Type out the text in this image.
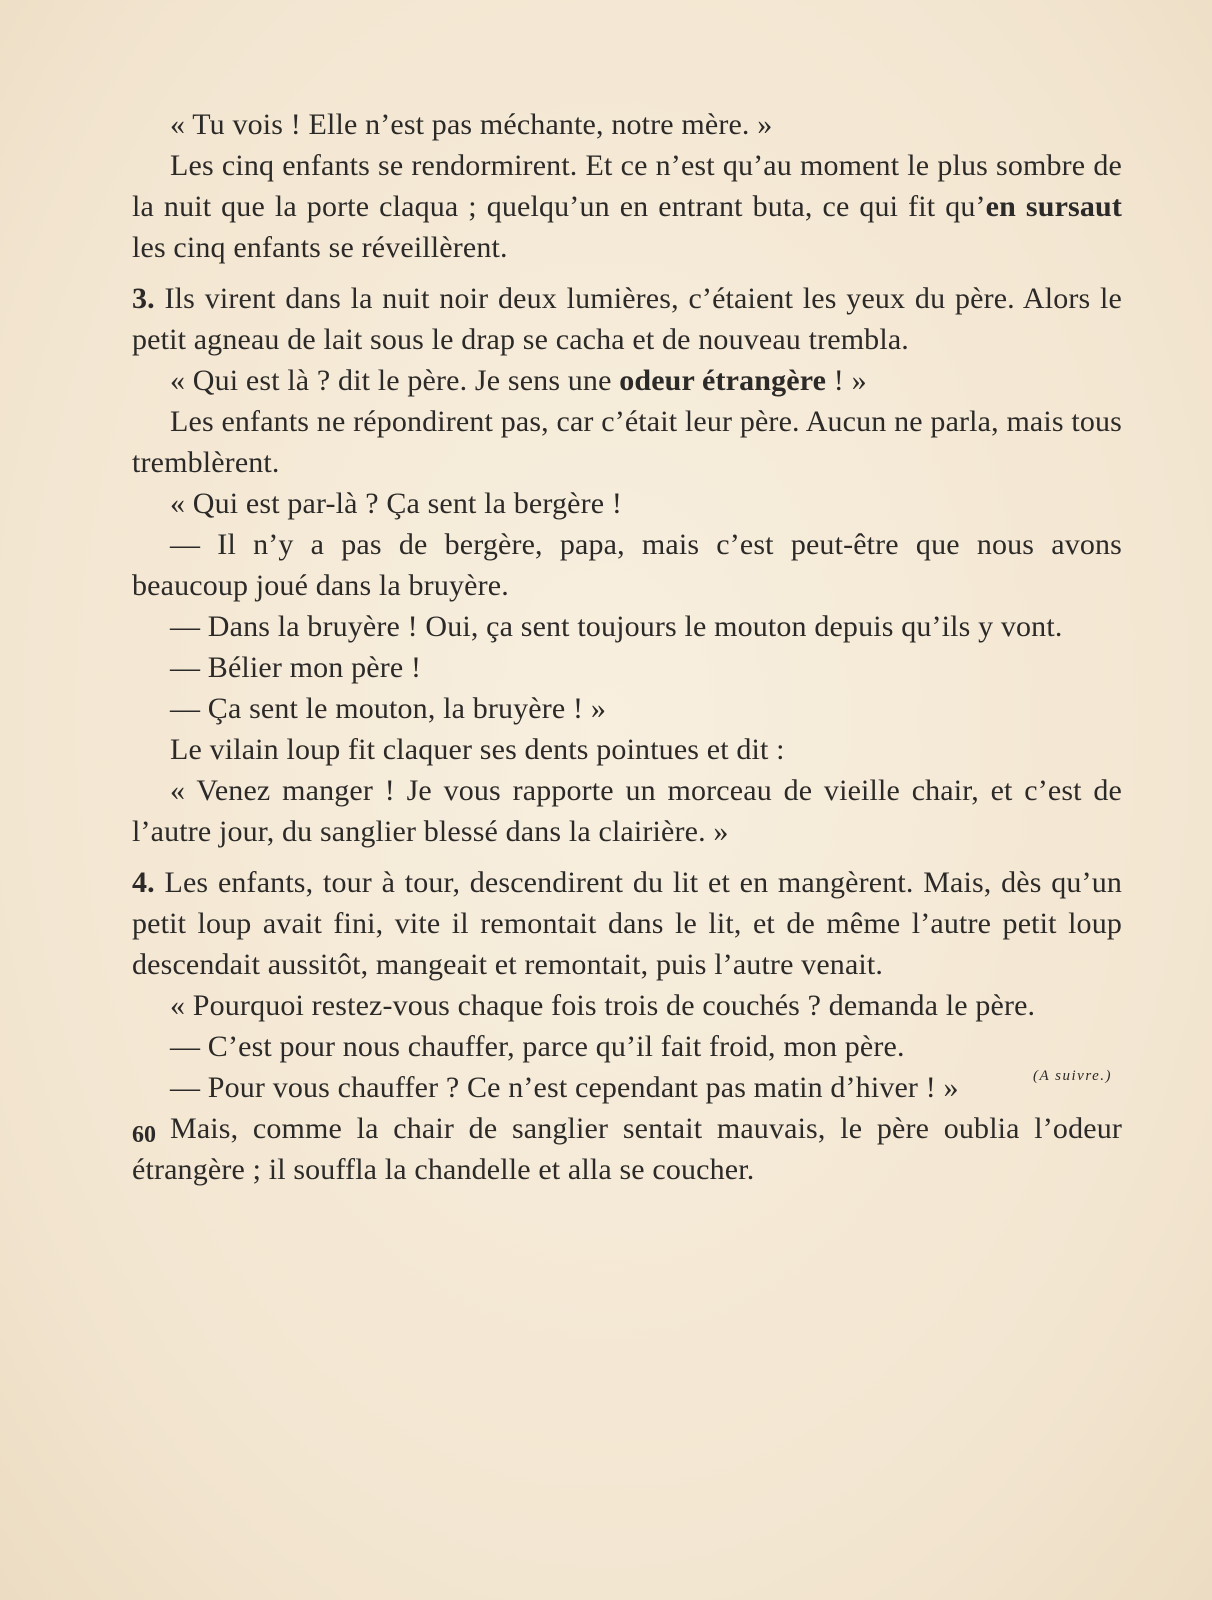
« Tu vois ! Elle n’est pas méchante, notre mère. »

Les cinq enfants se rendormirent. Et ce n’est qu’au moment le plus sombre de la nuit que la porte claqua ; quelqu’un en entrant buta, ce qui fit qu’en sursaut les cinq enfants se réveillèrent.

3. Ils virent dans la nuit noir deux lumières, c’étaient les yeux du père. Alors le petit agneau de lait sous le drap se cacha et de nouveau trembla.

« Qui est là ? dit le père. Je sens une odeur étrangère ! »

Les enfants ne répondirent pas, car c’était leur père. Aucun ne parla, mais tous tremblèrent.

« Qui est par-là ? Ça sent la bergère !

— Il n’y a pas de bergère, papa, mais c’est peut-être que nous avons beaucoup joué dans la bruyère.

— Dans la bruyère ! Oui, ça sent toujours le mouton depuis qu’ils y vont.

— Bélier mon père !

— Ça sent le mouton, la bruyère ! »

Le vilain loup fit claquer ses dents pointues et dit :

« Venez manger ! Je vous rapporte un morceau de vieille chair, et c’est de l’autre jour, du sanglier blessé dans la clairière. »

4. Les enfants, tour à tour, descendirent du lit et en mangèrent. Mais, dès qu’un petit loup avait fini, vite il remontait dans le lit, et de même l’autre petit loup descendait aussitôt, mangeait et remontait, puis l’autre venait.

« Pourquoi restez-vous chaque fois trois de couchés ? demanda le père.

— C’est pour nous chauffer, parce qu’il fait froid, mon père.

— Pour vous chauffer ? Ce n’est cependant pas matin d’hiver ! »

Mais, comme la chair de sanglier sentait mauvais, le père oublia l’odeur étrangère ; il souffla la chandelle et alla se coucher.

(A suivre.)
60
